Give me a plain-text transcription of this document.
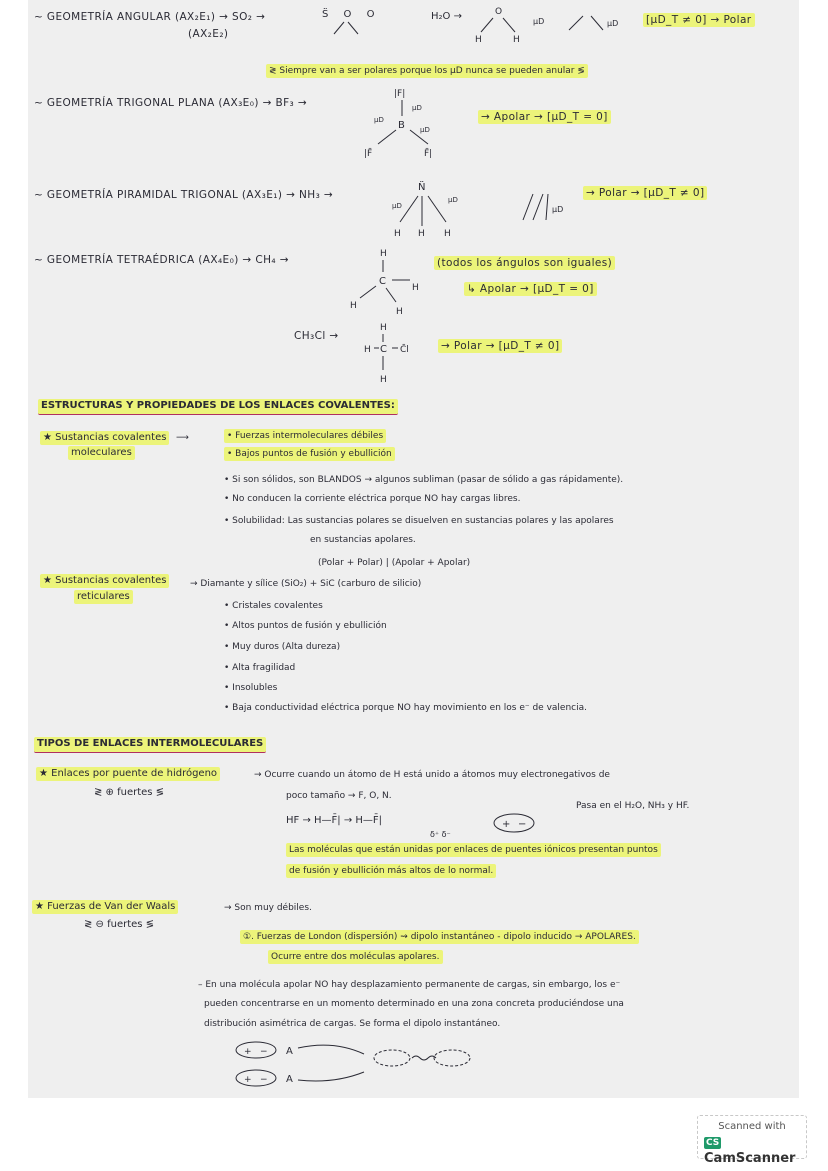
~ GEOMETRÍA ANGULAR (AX₂E₁) → SO₂ →
(AX₂E₂)
S̈ O O	H₂O →	O
H	H
μD	μD	[μD_T ≠ 0] → Polar
≷ Siempre van a ser polares porque los μD nunca se pueden anular ≶
~ GEOMETRÍA TRIGONAL PLANA (AX₃E₀) → BF₃ →
|F|
B
|F̄	F̄|
μD
μD
μD
→ Apolar → [μD_T = 0]
~ GEOMETRÍA PIRAMIDAL TRIGONAL (AX₃E₁) → NH₃ →
N̈
H H H
μD
μD
μD
→ Polar → [μD_T ≠ 0]
~ GEOMETRÍA TETRAÉDRICA (AX₄E₀) → CH₄ →	H
C
H
H
H
(todos los ángulos son iguales)
↳ Apolar → [μD_T = 0]
CH₃Cl →
H
H C C̄l
H
→ Polar → [μD_T ≠ 0]
ESTRUCTURAS Y PROPIEDADES DE LOS ENLACES COVALENTES:
★ Sustancias covalentes
moleculares
⟶	• Fuerzas intermoleculares débiles
• Bajos puntos de fusión y ebullición
• Si son sólidos, son BLANDOS → algunos subliman (pasar de sólido a gas rápidamente).
• No conducen la corriente eléctrica porque NO hay cargas libres.
• Solubilidad: Las sustancias polares se disuelven en sustancias polares y las apolares
en sustancias apolares.
(Polar + Polar) | (Apolar + Apolar)
★ Sustancias covalentes
reticulares
→ Diamante y sílice (SiO₂) + SiC (carburo de silicio)
• Cristales covalentes
• Altos puntos de fusión y ebullición
• Muy duros (Alta dureza)
• Alta fragilidad
• Insolubles
• Baja conductividad eléctrica porque NO hay movimiento en los e⁻ de valencia.
TIPOS DE ENLACES INTERMOLECULARES
★ Enlaces por puente de hidrógeno
≷ ⊕ fuertes ≶
→ Ocurre cuando un átomo de H está unido a átomos muy electronegativos de
poco tamaño → F, O, N.
Pasa en el H₂O, NH₃ y HF.
HF → H—F̄| → H—F̄|
δ⁺ δ⁻
+ −
Las moléculas que están unidas por enlaces de puentes iónicos presentan puntos
de fusión y ebullición más altos de lo normal.
★ Fuerzas de Van der Waals
≷ ⊖ fuertes ≶
→ Son muy débiles.
①. Fuerzas de London (dispersión) ⇝ dipolo instantáneo - dipolo inducido → APOLARES.
Ocurre entre dos moléculas apolares.
– En una molécula apolar NO hay desplazamiento permanente de cargas, sin embargo, los e⁻
pueden concentrarse en un momento determinado en una zona concreta produciéndose una
distribución asimétrica de cargas. Se forma el dipolo instantáneo.
+ − A
+ − A
Scanned with
CSCamScanner
